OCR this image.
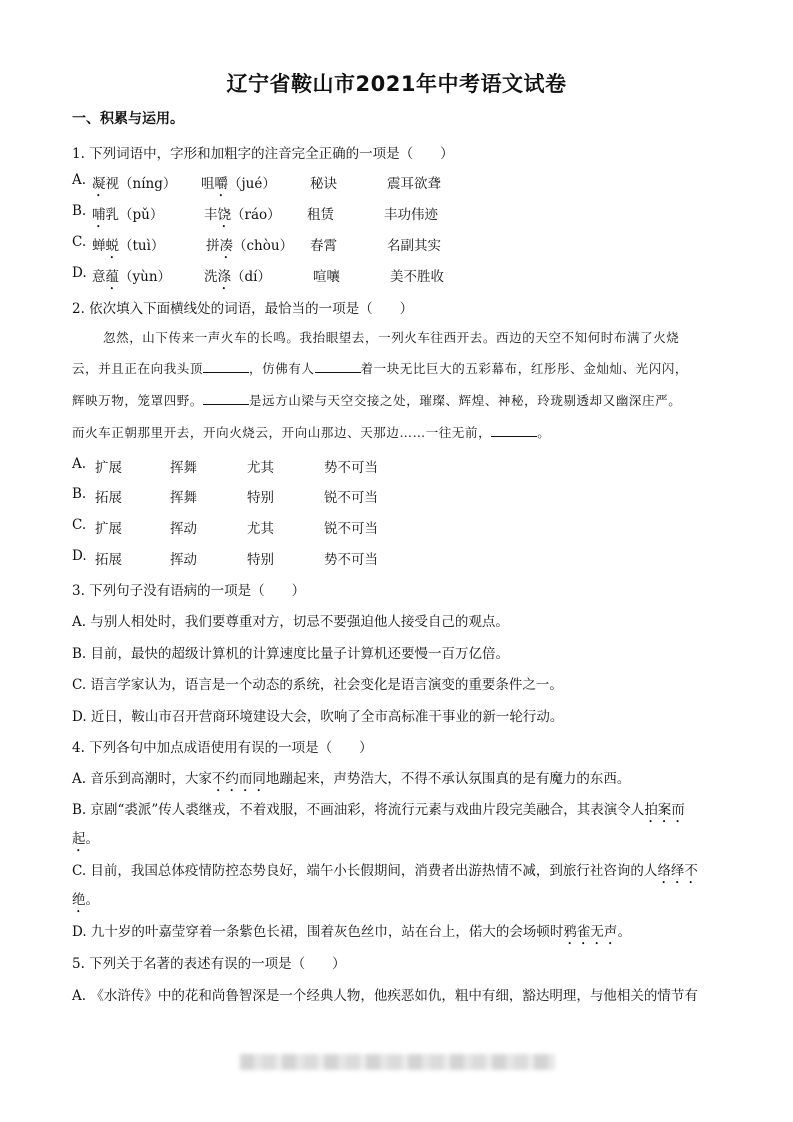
辽宁省鞍山市2021年中考语文试卷
一、积累与运用。
1. 下列词语中，字形和加粗字的注音完全正确的一项是（　　）
A. 凝视（níng） 咀嚼（jué）	秘诀	震耳欲聋
B. 哺乳（pǔ）	丰饶（ráo） 租赁	丰功伟迹
C. 蝉蜕（tuì）	拼凑（chòu） 春霄	名副其实
D. 意蕴（yùn） 洗涤（dí）	喧嚷	美不胜收
2. 依次填入下面横线处的词语，最恰当的一项是（　　）
忽然，山下传来一声火车的长鸣。我抬眼望去，一列火车往西开去。西边的天空不知何时布满了火烧
云，并且正在向我头顶	，仿佛有人	着一块无比巨大的五彩幕布，红彤彤、金灿灿、光闪闪，
辉映万物，笼罩四野。	是远方山梁与天空交接之处，璀璨、辉煌、神秘，玲珑剔透却又幽深庄严。
而火车正朝那里开去，开向火烧云，开向山那边、天那边……一往无前，	。
A. 扩展	挥舞	尤其	势不可当
B. 拓展	挥舞	特别	锐不可当
C. 扩展	挥动	尤其	锐不可当
D. 拓展	挥动	特别	势不可当
3. 下列句子没有语病的一项是（　　）
A. 与别人相处时，我们要尊重对方，切忌不要强迫他人接受自己的观点。
B. 目前，最快的超级计算机的计算速度比量子计算机还要慢一百万亿倍。
C. 语言学家认为，语言是一个动态的系统，社会变化是语言演变的重要条件之一。
D. 近日，鞍山市召开营商环境建设大会，吹响了全市高标准干事业的新一轮行动。
4. 下列各句中加点成语使用有误的一项是（　　）
A. 音乐到高潮时，大家不约而同地蹦起来，声势浩大，不得不承认氛围真的是有魔力的东西。
B. 京剧“裘派”传人裘继戎，不着戏服，不画油彩，将流行元素与戏曲片段完美融合，其表演令人拍案而
起。
C. 目前，我国总体疫情防控态势良好，端午小长假期间，消费者出游热情不减，到旅行社咨询的人络绎不
绝。
D. 九十岁的叶嘉莹穿着一条紫色长裙，围着灰色丝巾，站在台上，偌大的会场顿时鸦雀无声。
5. 下列关于名著的表述有误的一项是（　　）
A. 《水浒传》中的花和尚鲁智深是一个经典人物，他疾恶如仇，粗中有细，豁达明理，与他相关的情节有
